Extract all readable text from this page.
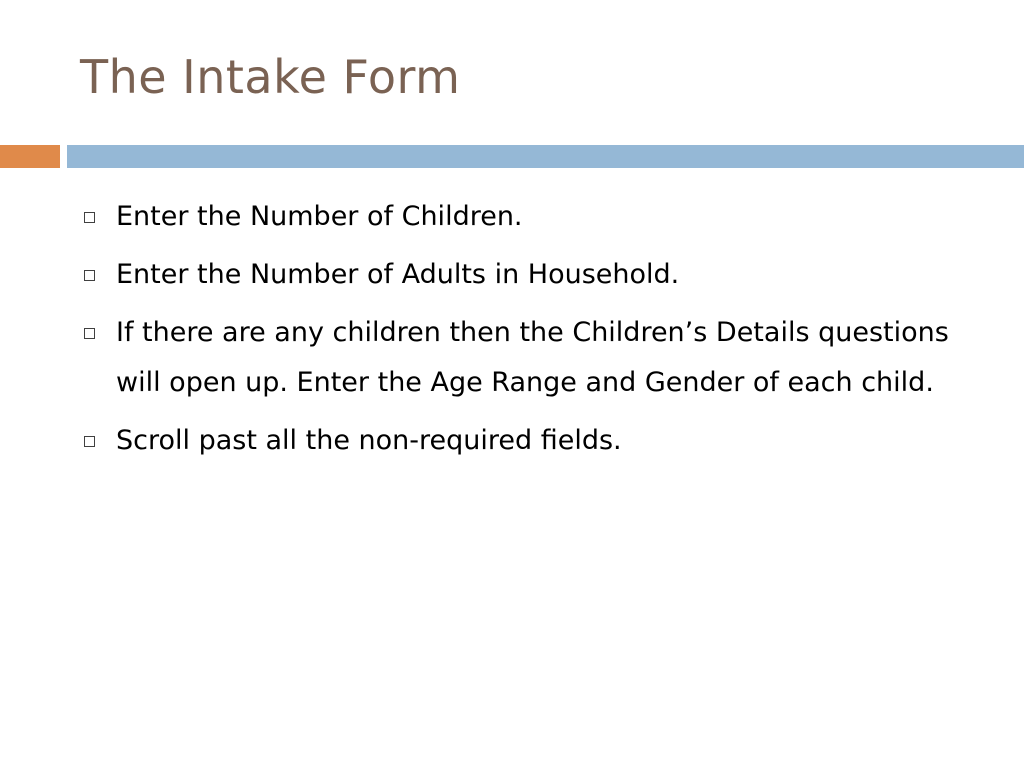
The Intake Form
Enter the Number of Children.
Enter the Number of Adults in Household.
If there are any children then the Children’s Details questions will open up. Enter the Age Range and Gender of each child.
Scroll past all the non-required fields.
